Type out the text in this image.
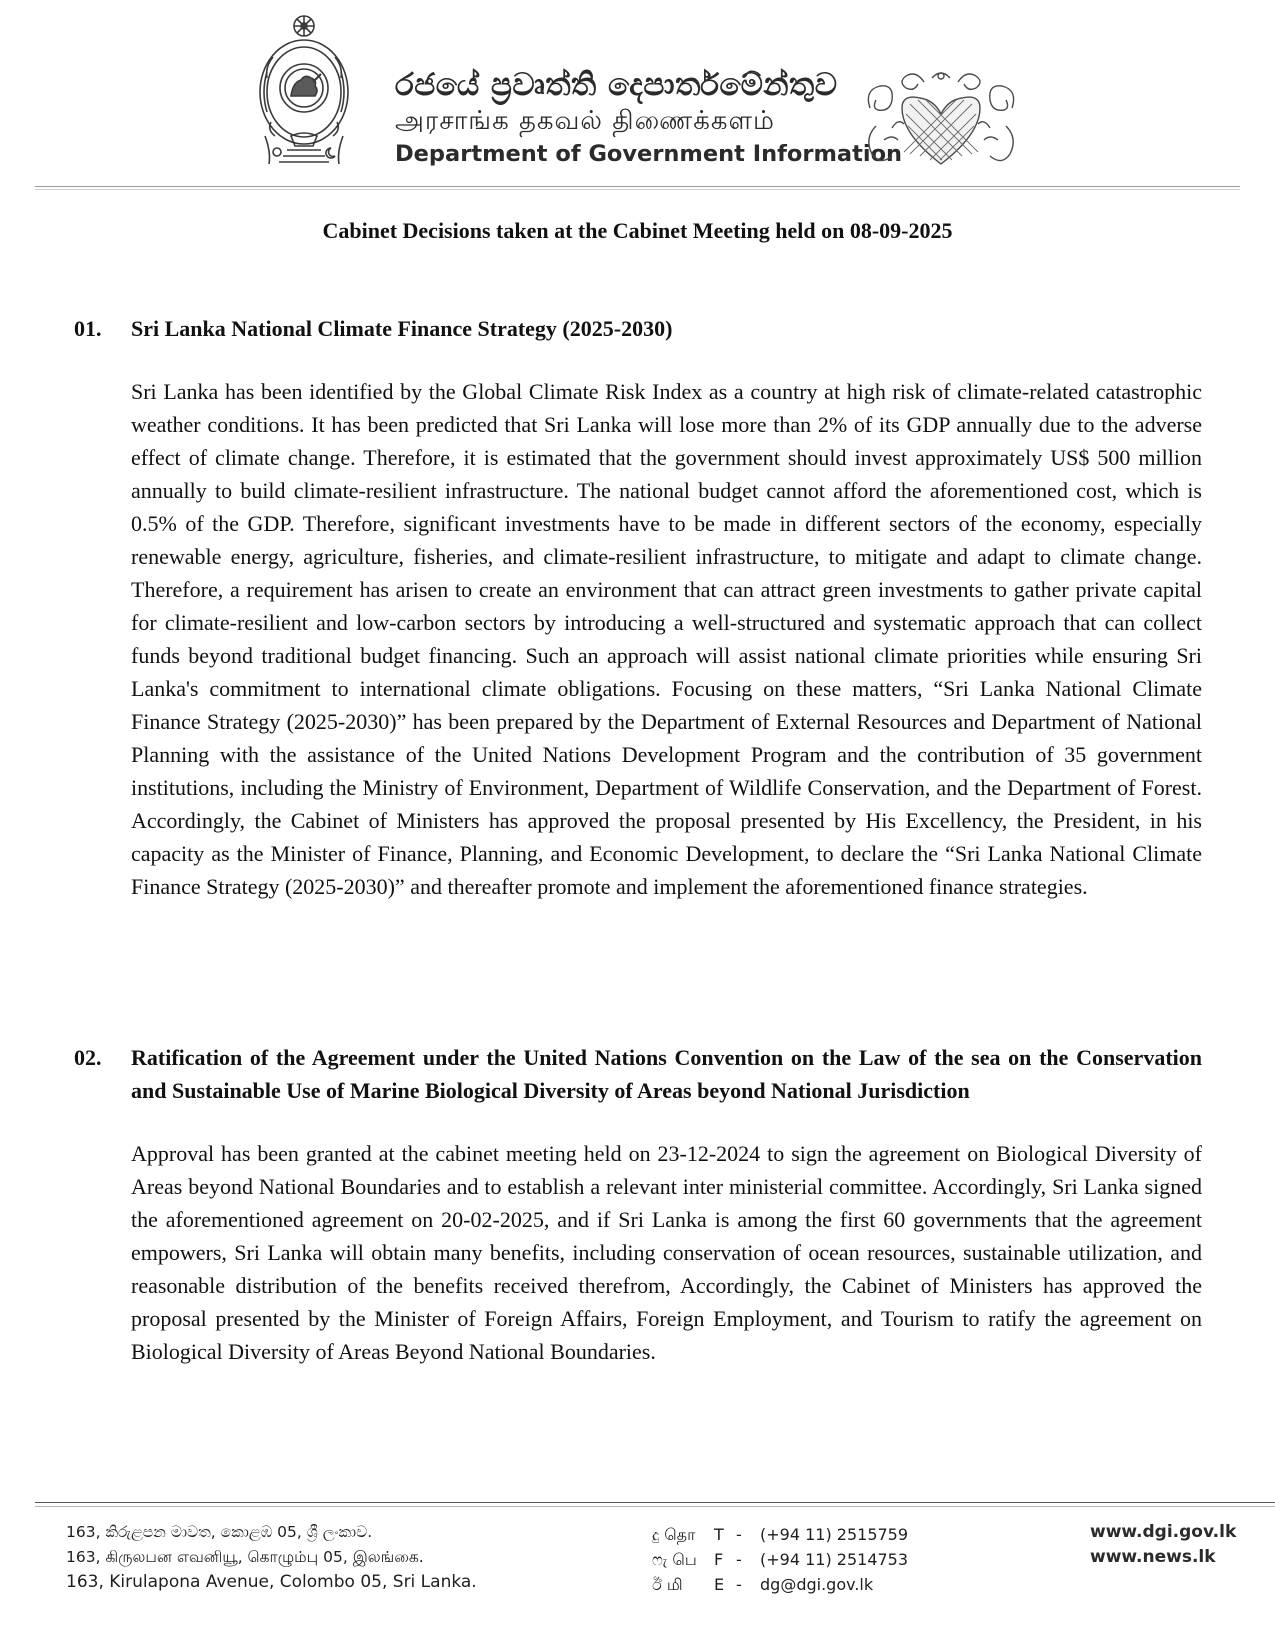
රජයේ ප්‍රවෘත්ති දෙපාර්තමේන්තුව
அரசாங்க தகவல் திணைக்களம்
Department of Government Information
Cabinet Decisions taken at the Cabinet Meeting held on 08-09-2025
01.	Sri Lanka National Climate Finance Strategy (2025-2030)
Sri Lanka has been identified by the Global Climate Risk Index as a country at high risk of climate-related catastrophic weather conditions. It has been predicted that Sri Lanka will lose more than 2% of its GDP annually due to the adverse effect of climate change. Therefore, it is estimated that the government should invest approximately US$ 500 million annually to build climate-resilient infrastructure. The national budget cannot afford the aforementioned cost, which is 0.5% of the GDP. Therefore, significant investments have to be made in different sectors of the economy, especially renewable energy, agriculture, fisheries, and climate-resilient infrastructure, to mitigate and adapt to climate change. Therefore, a requirement has arisen to create an environment that can attract green investments to gather private capital for climate-resilient and low-carbon sectors by introducing a well-structured and systematic approach that can collect funds beyond traditional budget financing. Such an approach will assist national climate priorities while ensuring Sri Lanka's commitment to international climate obligations. Focusing on these matters, “Sri Lanka National Climate Finance Strategy (2025-2030)” has been prepared by the Department of External Resources and Department of National Planning with the assistance of the United Nations Development Program and the contribution of 35 government institutions, including the Ministry of Environment, Department of Wildlife Conservation, and the Department of Forest. Accordingly, the Cabinet of Ministers has approved the proposal presented by His Excellency, the President, in his capacity as the Minister of Finance, Planning, and Economic Development, to declare the “Sri Lanka National Climate Finance Strategy (2025-2030)” and thereafter promote and implement the aforementioned finance strategies.
02.	Ratification of the Agreement under the United Nations Convention on the Law of the sea on the Conservation and Sustainable Use of Marine Biological Diversity of Areas beyond National Jurisdiction
Approval has been granted at the cabinet meeting held on 23-12-2024 to sign the agreement on Biological Diversity of Areas beyond National Boundaries and to establish a relevant inter ministerial committee. Accordingly, Sri Lanka signed the aforementioned agreement on 20-02-2025, and if Sri Lanka is among the first 60 governments that the agreement empowers, Sri Lanka will obtain many benefits, including conservation of ocean resources, sustainable utilization, and reasonable distribution of the benefits received therefrom, Accordingly, the Cabinet of Ministers has approved the proposal presented by the Minister of Foreign Affairs, Foreign Employment, and Tourism to ratify the agreement on Biological Diversity of Areas Beyond National Boundaries.
163, කිරුළපන මාවත, කොළඹ 05, ශ්‍රී ලංකාව.
163, கிருலபன எவனியூ, கொழும்பு 05, இலங்கை.
163, Kirulapona Avenue, Colombo 05, Sri Lanka.
දු தொ	T -	(+94 11) 2515759
ෆැ பெ	F -	(+94 11) 2514753
ඊ மி	E -	dg@dgi.gov.lk
www.dgi.gov.lk
www.news.lk
